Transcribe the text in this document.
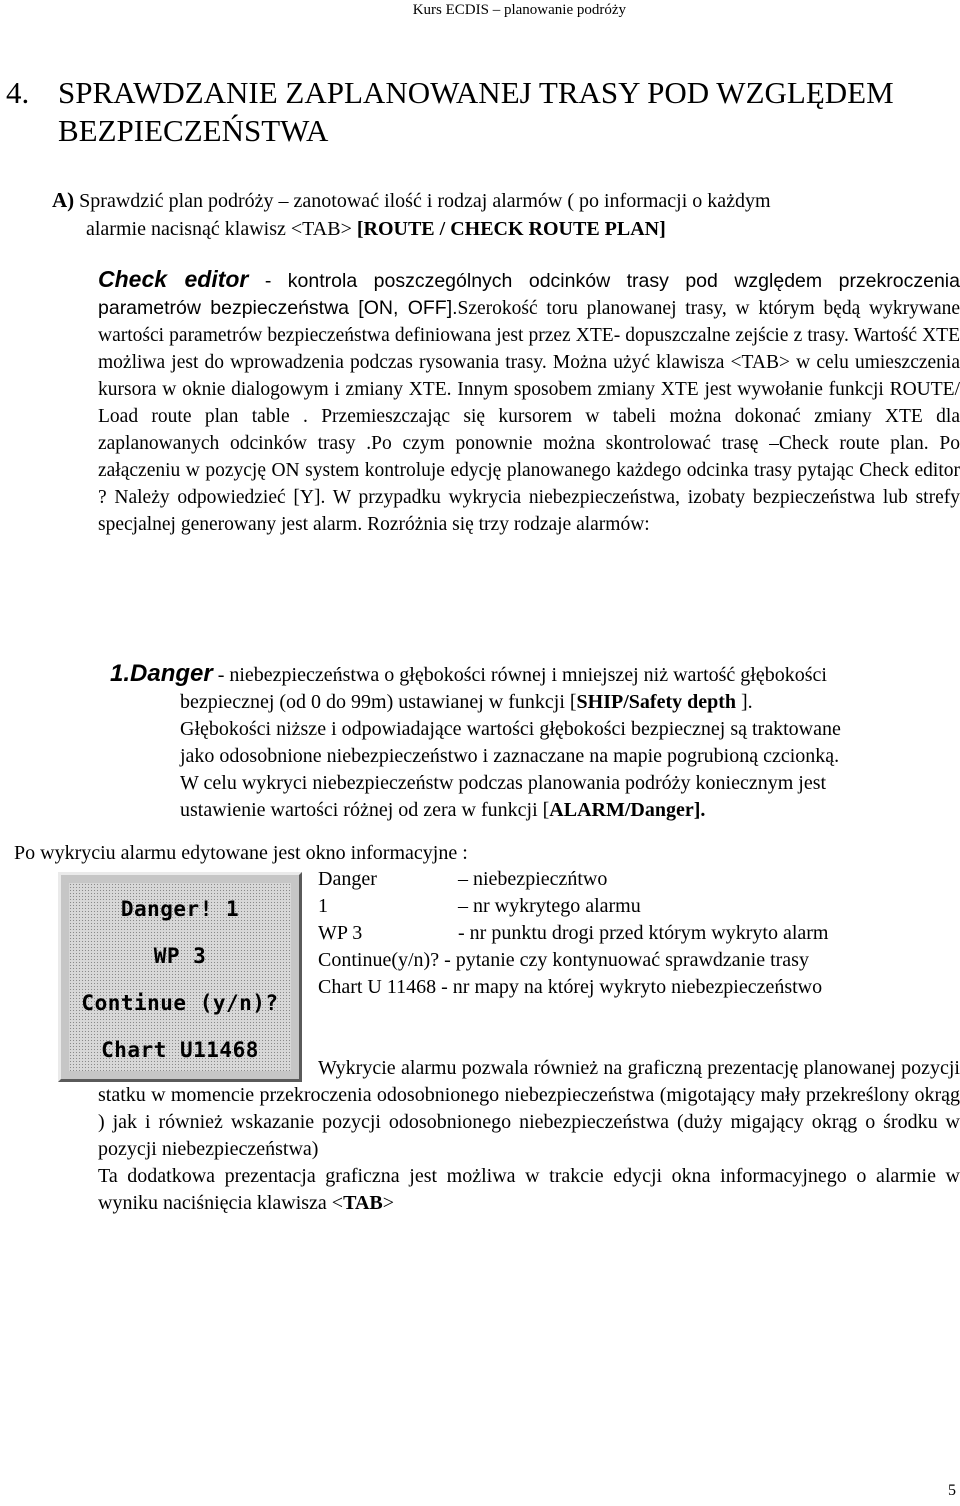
Kurs ECDIS – planowanie podróży
4. SPRAWDZANIE ZAPLANOWANEJ TRASY POD WZGLĘDEM
BEZPIECZEŃSTWA
A) Sprawdzić plan podróży – zanotować ilość i rodzaj alarmów ( po informacji o każdym
alarmie nacisnąć klawisz <TAB> [ROUTE / CHECK ROUTE PLAN]
Check editor - kontrola poszczególnych odcinków trasy pod względem przekroczenia parametrów bezpieczeństwa [ON, OFF].Szerokość toru planowanej trasy, w którym będą wykrywane wartości parametrów bezpieczeństwa definiowana jest przez XTE- dopuszczalne zejście z trasy. Wartość XTE możliwa jest do wprowadzenia podczas rysowania trasy. Można użyć klawisza <TAB> w celu umieszczenia kursora w oknie dialogowym i zmiany XTE. Innym sposobem zmiany XTE jest wywołanie funkcji ROUTE/ Load route plan table . Przemieszczając się kursorem w tabeli można dokonać zmiany XTE dla zaplanowanych odcinków trasy .Po czym ponownie można skontrolować trasę –Check route plan. Po załączeniu w pozycję ON system kontroluje edycję planowanego każdego odcinka trasy pytając Check editor ? Należy odpowiedzieć [Y]. W przypadku wykrycia niebezpieczeństwa, izobaty bezpieczeństwa lub strefy specjalnej generowany jest alarm. Rozróżnia się trzy rodzaje alarmów:
1.Danger - niebezpieczeństwa o głębokości równej i mniejszej niż wartość głębokości
bezpiecznej (od 0 do 99m) ustawianej w funkcji [SHIP/Safety depth ].
Głębokości niższe i odpowiadające wartości głębokości bezpiecznej są traktowane
jako odosobnione niebezpieczeństwo i zaznaczane na mapie pogrubioną czcionką.
W celu wykryci niebezpieczeństw podczas planowania podróży koniecznym jest
ustawienie wartości różnej od zera w funkcji [ALARM/Danger].
Po wykryciu alarmu edytowane jest okno informacyjne :
Danger! 1
WP 3
Continue (y/n)?
Chart U11468
Danger	– niebezpieczńtwo
1	– nr wykrytego alarmu
WP 3	- nr punktu drogi przed którym wykryto alarm
Continue(y/n)? - pytanie czy kontynuować sprawdzanie trasy
Chart U 11468 - nr mapy na której wykryto niebezpieczeństwo
Wykrycie alarmu pozwala również na graficzną prezentację planowanej pozycji statku w momencie przekroczenia odosobnionego niebezpieczeństwa (migotający mały przekreślony okrąg ) jak i również wskazanie pozycji odosobnionego niebezpieczeństwa (duży migający okrąg o środku w pozycji niebezpieczeństwa)
Ta dodatkowa prezentacja graficzna jest możliwa w trakcie edycji okna informacyjnego o alarmie w wyniku naciśnięcia klawisza <TAB>
5
